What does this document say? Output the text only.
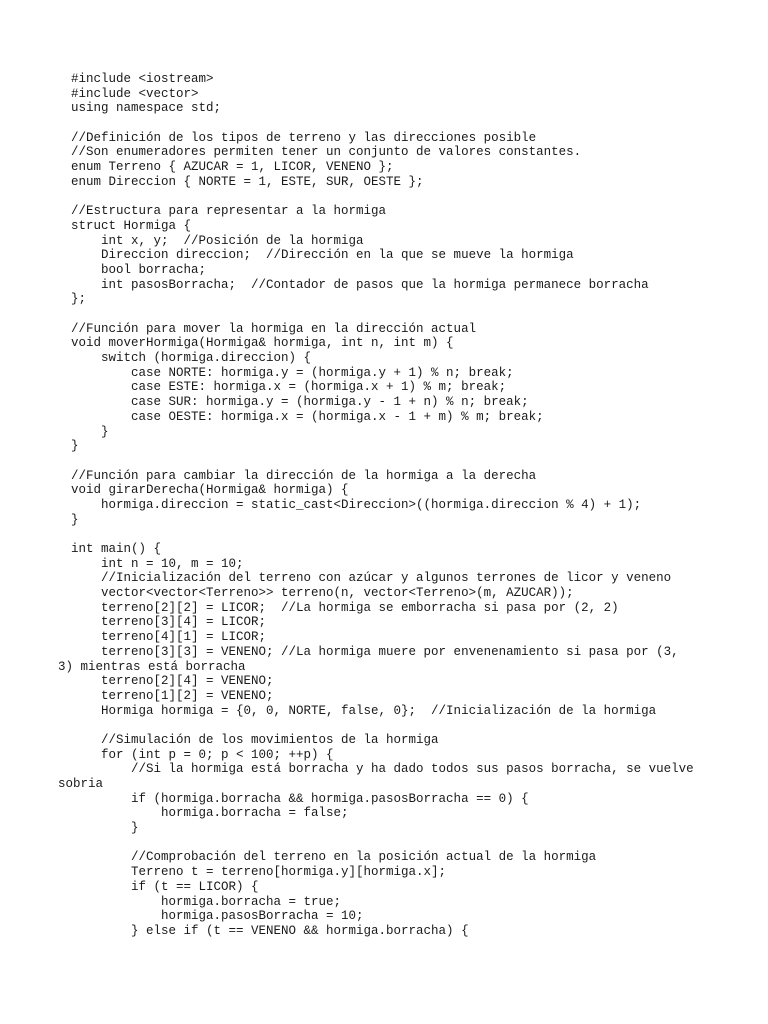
#include <iostream>
#include <vector>
using namespace std;
//Definición de los tipos de terreno y las direcciones posible
//Son enumeradores permiten tener un conjunto de valores constantes.
enum Terreno { AZUCAR = 1, LICOR, VENENO };
enum Direccion { NORTE = 1, ESTE, SUR, OESTE };
//Estructura para representar a la hormiga
struct Hormiga {
int x, y;  //Posición de la hormiga
Direccion direccion;  //Dirección en la que se mueve la hormiga
bool borracha;
int pasosBorracha;  //Contador de pasos que la hormiga permanece borracha
};
//Función para mover la hormiga en la dirección actual
void moverHormiga(Hormiga& hormiga, int n, int m) {
switch (hormiga.direccion) {
case NORTE: hormiga.y = (hormiga.y + 1) % n; break;
case ESTE: hormiga.x = (hormiga.x + 1) % m; break;
case SUR: hormiga.y = (hormiga.y - 1 + n) % n; break;
case OESTE: hormiga.x = (hormiga.x - 1 + m) % m; break;
}
}
//Función para cambiar la dirección de la hormiga a la derecha
void girarDerecha(Hormiga& hormiga) {
hormiga.direccion = static_cast<Direccion>((hormiga.direccion % 4) + 1);
}
int main() {
int n = 10, m = 10;
//Inicialización del terreno con azúcar y algunos terrones de licor y veneno
vector<vector<Terreno>> terreno(n, vector<Terreno>(m, AZUCAR));
terreno[2][2] = LICOR;  //La hormiga se emborracha si pasa por (2, 2)
terreno[3][4] = LICOR;
terreno[4][1] = LICOR;
terreno[3][3] = VENENO; //La hormiga muere por envenenamiento si pasa por (3,
3) mientras está borracha
terreno[2][4] = VENENO;
terreno[1][2] = VENENO;
Hormiga hormiga = {0, 0, NORTE, false, 0};  //Inicialización de la hormiga
//Simulación de los movimientos de la hormiga
for (int p = 0; p < 100; ++p) {
//Si la hormiga está borracha y ha dado todos sus pasos borracha, se vuelve
sobria
if (hormiga.borracha && hormiga.pasosBorracha == 0) {
hormiga.borracha = false;
}
//Comprobación del terreno en la posición actual de la hormiga
Terreno t = terreno[hormiga.y][hormiga.x];
if (t == LICOR) {
hormiga.borracha = true;
hormiga.pasosBorracha = 10;
} else if (t == VENENO && hormiga.borracha) {
